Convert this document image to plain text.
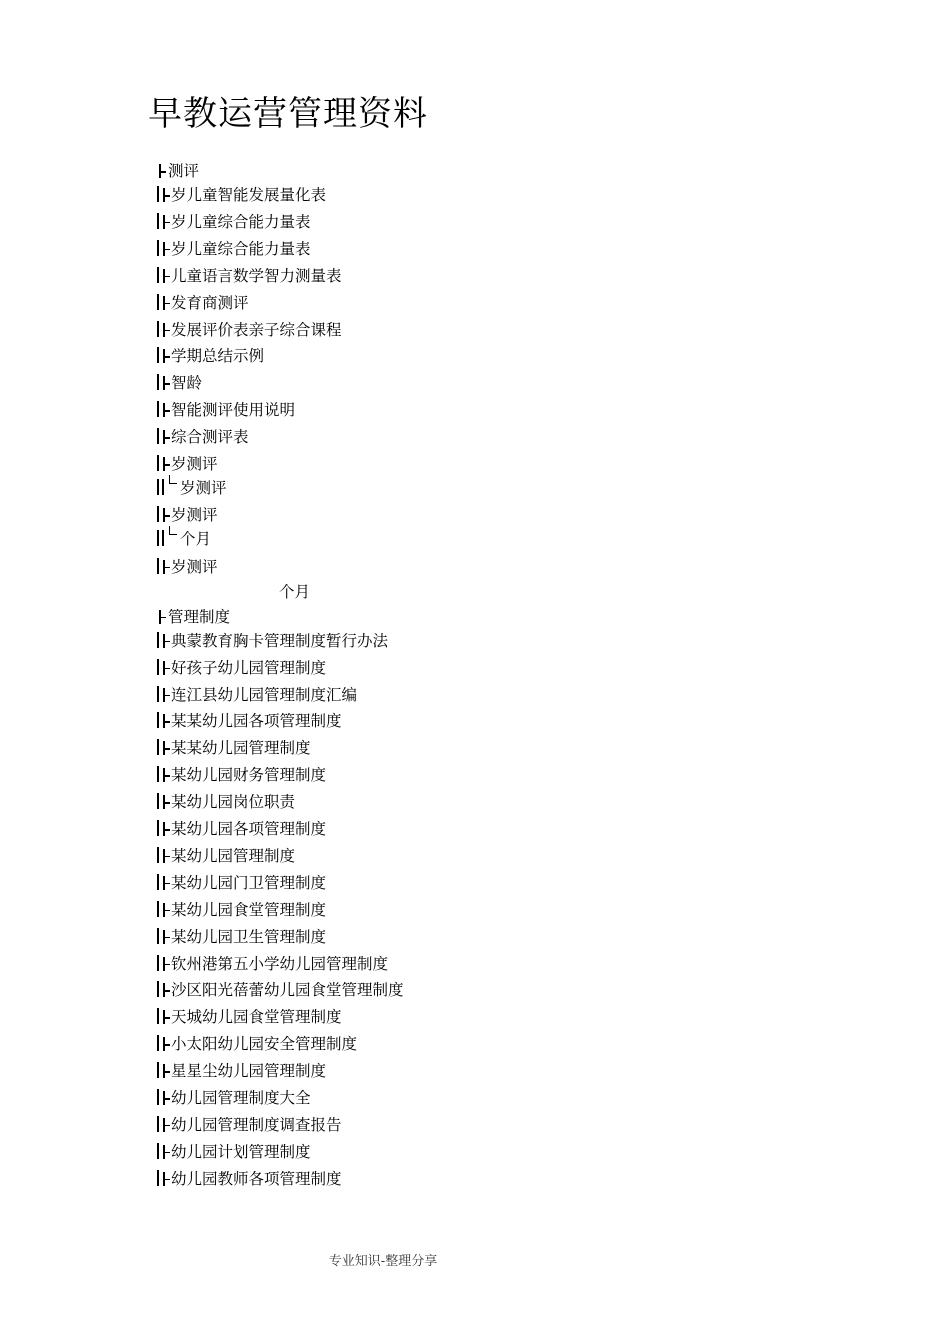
早教运营管理资料
测评
岁儿童智能发展量化表
岁儿童综合能力量表
岁儿童综合能力量表
儿童语言数学智力测量表
发育商测评
发展评价表亲子综合课程
学期总结示例
智龄
智能测评使用说明
综合测评表
岁测评
岁测评
岁测评
个月
岁测评
个月
管理制度
典蒙教育胸卡管理制度暂行办法
好孩子幼儿园管理制度
连江县幼儿园管理制度汇编
某某幼儿园各项管理制度
某某幼儿园管理制度
某幼儿园财务管理制度
某幼儿园岗位职责
某幼儿园各项管理制度
某幼儿园管理制度
某幼儿园门卫管理制度
某幼儿园食堂管理制度
某幼儿园卫生管理制度
钦州港第五小学幼儿园管理制度
沙区阳光蓓蕾幼儿园食堂管理制度
天城幼儿园食堂管理制度
小太阳幼儿园安全管理制度
星星尘幼儿园管理制度
幼儿园管理制度大全
幼儿园管理制度调查报告
幼儿园计划管理制度
幼儿园教师各项管理制度
专业知识-整理分享
